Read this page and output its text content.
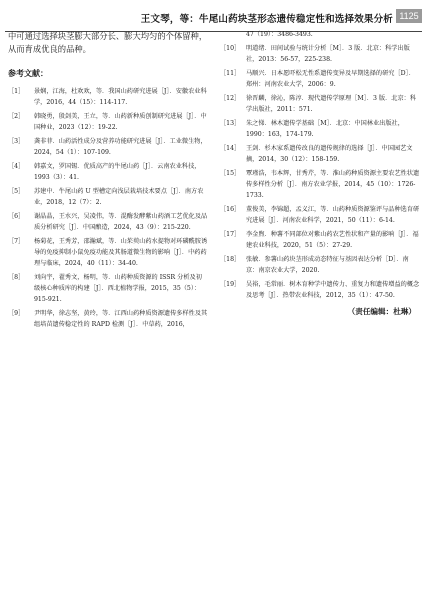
王文琴，等：牛尾山药块茎形态遗传稳定性和选择效果分析 1125

中可通过选择块茎膨大部分长、膨大均匀的个体留种，从而育成优良的品种。

参考文献：
［1］	景娴，江海，杜欢欢，等．我国山药研究进展［J］．安徽农业科学，2016，44（15）：114-117.
［2］	韩晓勇，殷剑美，王立，等．山药新种质创制研究进展［J］．中国种业，2023（12）：19-22.
［3］	龚非菲．山药活性成分及营养功能研究进展［J］．工业微生物，2024，54（1）：107-109.
［4］	韩嘉文，罗国锡．优质高产的牛尾山药［J］．云南农业科技，1993（3）：41.
［5］	苏建中．牛尾山药 U 型槽定向浅层栽培技术要点［J］．南方农业，2018，12（7）：2.
［6］	谢晶晶，王水兴，吴凌伟，等．混酶发酵紫山药酒工艺优化及品质分析研究［J］．中国酿造，2024，43（9）：215-220.
［7］	杨菊花，王秀芳，邵瀚斌，等．山茱萸山药水提物对环磷酰胺诱导的免疫抑制小鼠免疫功能及其肠道微生物的影响［J］．中药药理与临床，2024，40（11）：34-40.
［8］	刘向宇，翟秀文，杨明，等．山药种质资源的 ISSR 分析及初级核心种质库的构建［J］．西北植物学报，2015，35（5）：915-921.
［9］	尹明华，徐志坚，黄玲，等．江西山药种质资源遗传多样性及其组培苗遗传稳定性的 RAPD 检测［J］．中草药，2016，
47（19）：3486-3493.
［10］ 明道绪．田间试验与统计分析［M］．3 版．北京：科学出版社，2013：56-57，225-238.
［11］ 马顺兴．日本愿吓松无性系遗传变异及早期选择的研究［D］．郑州：河南农业大学，2006：9.
［12］ 徐晋麟，徐沁，陈淳．现代遗传学原理［M］．3 版．北京：科学出版社，2011：571.
［13］ 朱之悌．林木遗传学基础［M］．北京：中国林业出版社，1990：163，174-179.
［14］ 王剑．杉木家系遗传改良的遗传规律的选择［J］．中国园艺文摘，2014，30（12）：158-159.
［15］ 覃瑾浩，韦本辉，甘秀芹，等．淮山药种质资源主要农艺性状遗传多样性分析［J］．南方农业学报，2014，45（10）：1726-1733.
［16］ 董俊美，李锦超，孟义江，等．山药种质资源鉴评与品种选育研究进展［J］．河南农业科学，2021，50（11）：6-14.
［17］ 李金煦．种薯不同部位对紫山药农艺性状和产量的影响［J］．福建农业科技，2020，51（5）：27-29.
［18］ 张敏．参薯山药块茎形成动态特征与基因表达分析［D］．南京：南京农业大学，2020.
［19］ 吴裕，毛常丽．树木育种学中遗传力、重复力和遗传增益的概念及思考［J］．热带农业科技，2012，35（1）：47-50.
（责任编辑：杜琳）
